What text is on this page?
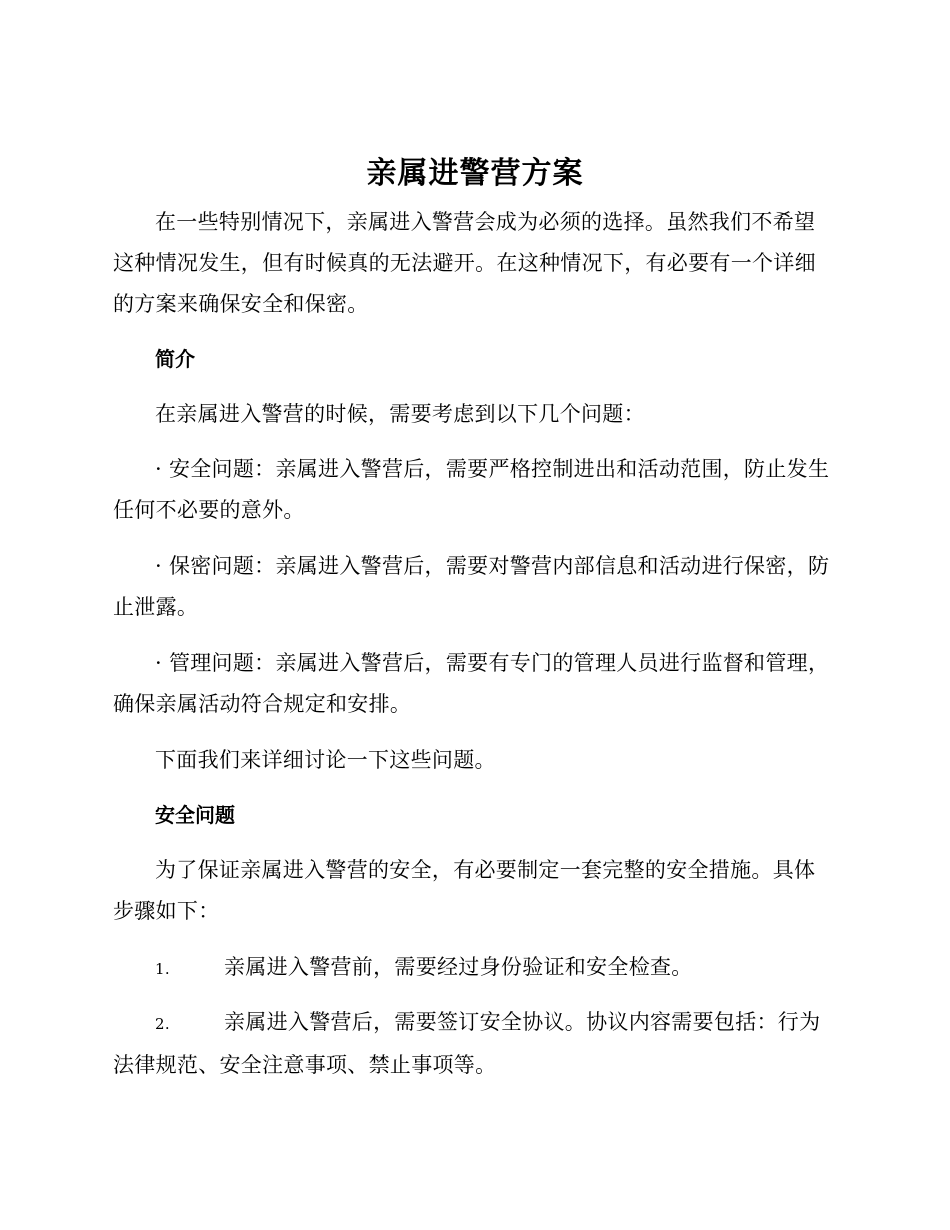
亲属进警营方案

在一些特别情况下，亲属进入警营会成为必须的选择。虽然我们不希望这种情况发生，但有时候真的无法避开。在这种情况下，有必要有一个详细的方案来确保安全和保密。

简介

在亲属进入警营的时候，需要考虑到以下几个问题：

· 安全问题：亲属进入警营后，需要严格控制进出和活动范围，防止发生任何不必要的意外。

· 保密问题：亲属进入警营后，需要对警营内部信息和活动进行保密，防止泄露。

· 管理问题：亲属进入警营后，需要有专门的管理人员进行监督和管理，确保亲属活动符合规定和安排。

下面我们来详细讨论一下这些问题。

安全问题

为了保证亲属进入警营的安全，有必要制定一套完整的安全措施。具体步骤如下：

1.	亲属进入警营前，需要经过身份验证和安全检查。

2.	亲属进入警营后，需要签订安全协议。协议内容需要包括：行为法律规范、安全注意事项、禁止事项等。
